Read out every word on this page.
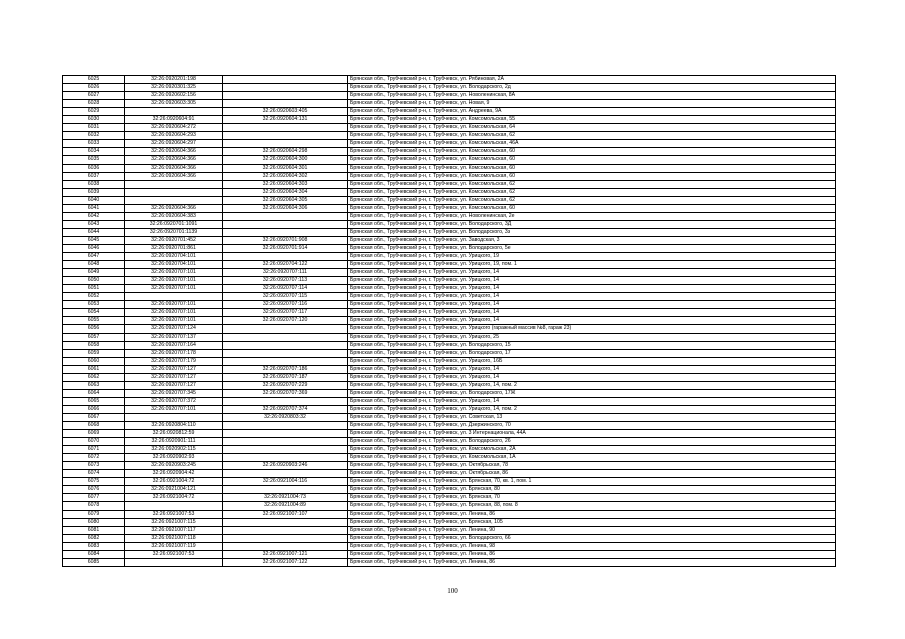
6025	32:26:0920201:198		Брянская обл., Трубчевский р-н, г. Трубчевск, ул. Рябиновая, 2А
6026	32:26:0920301:325		Брянская обл., Трубчевский р-н, г. Трубчевск, ул. Володарского, 2д
6027	32:26:0920602:156		Брянская обл., Трубчевский р-н, г. Трубчевск, ул. Новоленинская, 8А
6028	32:26:0920603:305		Брянская обл., Трубчевский р-н, г. Трубчевск, ул. Новая, 9
6029		32:26:0920603:405	Брянская обл., Трубчевский р-н, г. Трубчевск, ул. Андреева, 9А
6030	32:26:0920604:91	32:26:0920604:131	Брянская обл., Трубчевский р-н, г. Трубчевск, ул. Комсомольская, 55
6031	32:26:0920604:272		Брянская обл., Трубчевский р-н, г. Трубчевск, ул. Комсомольская, 64
6032	32:26:0920604:293		Брянская обл., Трубчевский р-н, г. Трубчевск, ул. Комсомольская, 62
6033	32:26:0920604:297		Брянская обл., Трубчевский р-н, г. Трубчевск, ул. Комсомольская, 46А
6034	32:26:0920604:366	32:26:0920604:298	Брянская обл., Трубчевский р-н, г. Трубчевск, ул. Комсомольская, 60
6035	32:26:0920604:366	32:26:0920604:300	Брянская обл., Трубчевский р-н, г. Трубчевск, ул. Комсомольская, 60
6036	32:26:0920604:366	32:26:0920604:301	Брянская обл., Трубчевский р-н, г. Трубчевск, ул. Комсомольская, 60
6037	32:26:0920604:366	32:26:0920604:302	Брянская обл., Трубчевский р-н, г. Трубчевск, ул. Комсомольская, 60
6038		32:26:0920604:303	Брянская обл., Трубчевский р-н, г. Трубчевск, ул. Комсомольская, 62
6039		32:26:0920604:304	Брянская обл., Трубчевский р-н, г. Трубчевск, ул. Комсомольская, 62
6040		32:26:0920604:305	Брянская обл., Трубчевский р-н, г. Трубчевск, ул. Комсомольская, 62
6041	32:26:0920604:366	32:26:0920604:306	Брянская обл., Трубчевский р-н, г. Трубчевск, ул. Комсомольская, 60
6042	32:26:0920604:383		Брянская обл., Трубчевский р-н, г. Трубчевск, ул. Новоленинская, 2е
6043	32:26:0920701:1091		Брянская обл., Трубчевский р-н, г. Трубчевск, ул. Володарского, 3Д
6044	32:26:0920701:1139		Брянская обл., Трубчевский р-н, г. Трубчевск, ул. Володарского, 3з
6045	32:26:0920701:452	32:26:0920701:908	Брянская обл., Трубчевский р-н, г. Трубчевск, ул. Заводская, 3
6046	32:26:0920701:861	32:26:0920701:914	Брянская обл., Трубчевский р-н, г. Трубчевск, ул. Володарского, 5е
6047	32:26:0920704:101		Брянская обл., Трубчевский р-н, г. Трубчевск, ул. Урицкого, 19
6048	32:26:0920704:101	32:26:0920704:122	Брянская обл., Трубчевский р-н, г. Трубчевск, ул. Урицкого, 19, пом. 1
6049	32:26:0920707:101	32:26:0920707:111	Брянская обл., Трубчевский р-н, г. Трубчевск, ул. Урицкого, 14
6050	32:26:0920707:101	32:26:0920707:113	Брянская обл., Трубчевский р-н, г. Трубчевск, ул. Урицкого, 14
6051	32:26:0920707:101	32:26:0920707:114	Брянская обл., Трубчевский р-н, г. Трубчевск, ул. Урицкого, 14
6052		32:26:0920707:115	Брянская обл., Трубчевский р-н, г. Трубчевск, ул. Урицкого, 14
6053	32:26:0920707:101	32:26:0920707:116	Брянская обл., Трубчевский р-н, г. Трубчевск, ул. Урицкого, 14
6054	32:26:0920707:101	32:26:0920707:117	Брянская обл., Трубчевский р-н, г. Трубчевск, ул. Урицкого, 14
6055	32:26:0920707:101	32:26:0920707:120	Брянская обл., Трубчевский р-н, г. Трубчевск, ул. Урицкого, 14
6056	32:26:0920707:124		Брянская обл., Трубчевский р-н, г. Трубчевск, ул. Урицкого (гаражный массив №8, гараж 23)
6057	32:26:0920707:137		Брянская обл., Трубчевский р-н, г. Трубчевск, ул. Урицкого, 25
6058	32:26:0920707:164		Брянская обл., Трубчевский р-н, г. Трубчевск, ул. Володарского, 15
6059	32:26:0920707:178		Брянская обл., Трубчевский р-н, г. Трубчевск, ул. Володарского, 17
6060	32:26:0920707:179		Брянская обл., Трубчевский р-н, г. Трубчевск, ул. Урицкого, 16Б
6061	32:26:0920707:127	32:26:0920707:186	Брянская обл., Трубчевский р-н, г. Трубчевск, ул. Урицкого, 14
6062	32:26:0920707:127	32:26:0920707:187	Брянская обл., Трубчевский р-н, г. Трубчевск, ул. Урицкого, 14
6063	32:26:0920707:127	32:26:0920707:229	Брянская обл., Трубчевский р-н, г. Трубчевск, ул. Урицкого, 14, пом. 2
6064	32:26:0920707:345	32:26:0920707:369	Брянская обл., Трубчевский р-н, г. Трубчевск, ул. Володарского, 17Ж
6065	32:26:0920707:372		Брянская обл., Трубчевский р-н, г. Трубчевск, ул. Урицкого, 14
6066	32:26:0920707:101	32:26:0920707:374	Брянская обл., Трубчевский р-н, г. Трубчевск, ул. Урицкого, 14, пом. 2
6067		32:26:0920803:32	Брянская обл., Трубчевский р-н, г. Трубчевск, ул. Советская, 13
6068	32:26:0920804:110		Брянская обл., Трубчевский р-н, г. Трубчевск, ул. Дзержинского, 70
6069	32:26:0920812:59		Брянская обл., Трубчевский р-н, г. Трубчевск, ул. 3 Интернационала, 44А
6070	32:26:0920901:111		Брянская обл., Трубчевский р-н, г. Трубчевск, ул. Володарского, 26
6071	32:26:0920902:115		Брянская обл., Трубчевский р-н, г. Трубчевск, ул. Комсомольская, 2А
6072	32:26:0920902:93		Брянская обл., Трубчевский р-н, г. Трубчевск, ул. Комсомольская, 1А
6073	32:26:0920903:245	32:26:0920903:246	Брянская обл., Трубчевский р-н, г. Трубчевск, ул. Октябрьская, 78
6074	32:26:0920904:42		Брянская обл., Трубчевский р-н, г. Трубчевск, ул. Октябрьская, 86
6075	32:26:0921004:72	32:26:0921004:116	Брянская обл., Трубчевский р-н, г. Трубчевск, ул. Брянская, 70, кв. 1, пом. 1
6076	32:26:0921004:121		Брянская обл., Трубчевский р-н, г. Трубчевск, ул. Брянская, 80
6077	32:26:0921004:72	32:26:0921004:73	Брянская обл., Трубчевский р-н, г. Трубчевск, ул. Брянская, 70
6078		32:26:0921004:89	Брянская обл., Трубчевский р-н, г. Трубчевск, ул. Брянская, 88, пом. 8
6079	32:26:0921007:53	32:26:0921007:107	Брянская обл., Трубчевский р-н, г. Трубчевск, ул. Ленина, 86
6080	32:26:0921007:115		Брянская обл., Трубчевский р-н, г. Трубчевск, ул. Брянская, 105
6081	32:26:0921007:117		Брянская обл., Трубчевский р-н, г. Трубчевск, ул. Ленина, 90
6082	32:26:0921007:118		Брянская обл., Трубчевский р-н, г. Трубчевск, ул. Володарского, 66
6083	32:26:0921007:119		Брянская обл., Трубчевский р-н, г. Трубчевск, ул. Ленина, 98
6084	32:26:0921007:53	32:26:0921007:121	Брянская обл., Трубчевский р-н, г. Трубчевск, ул. Ленина, 86
6085		32:26:0921007:122	Брянская обл., Трубчевский р-н, г. Трубчевск, ул. Ленина, 86
100
